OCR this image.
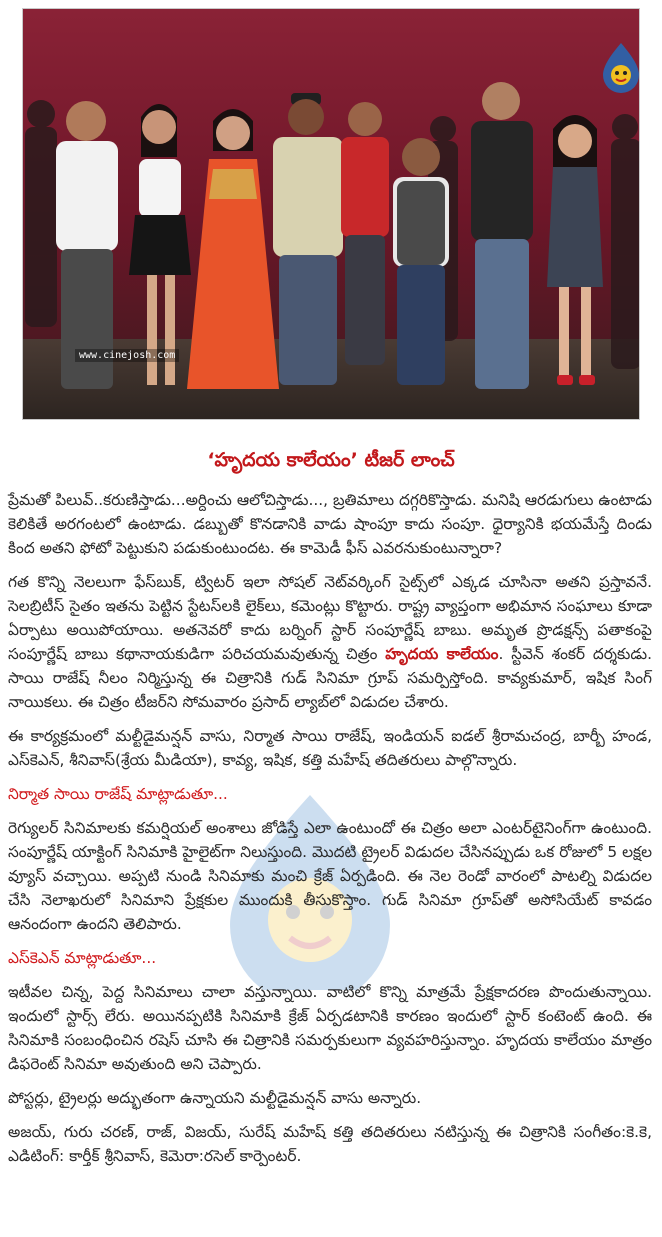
www.cinejosh.com
‘హృదయ కాలేయం’ టీజర్ లాంచ్

ప్రేమతో పిలువ్..కరుణిస్తాడు...అర్దించు ఆలోచిస్తాడు..., బ్రతిమాలు దగ్గరికొస్తాడు. మనిషి ఆరడుగులు ఉంటాడు కెలికితే అరగంటలో ఉంటాడు. డబ్బుతో కొనడానికి వాడు షాంపూ కాదు సంపూ. ధైర్యానికి భయమేస్తే దిండు కింద అతని ఫోటో పెట్టుకుని పడుకుంటుందట. ఈ కామెడీ ఫీస్ ఎవరనుకుంటున్నారా?

గత కొన్ని నెలలుగా ఫేస్‌బుక్, ట్విటర్ ఇలా సోషల్ నెట్‌వర్కింగ్ సైట్స్‌లో ఎక్కడ చూసినా అతని ప్రస్తావనే. సెలబ్రిటీస్ సైతం ఇతను పెట్టిన స్టేటస్‌లకి లైక్‌లు, కమెంట్లు కొట్టారు. రాష్ట్ర వ్యాప్తంగా అభిమాన సంఘాలు కూడా ఏర్పాటు అయిపోయాయి. అతనెవరో కాదు బర్నింగ్ స్టార్ సంపూర్ణేష్ బాబు. అమృత ప్రొడక్షన్స్ పతాకంపై సంపూర్ణేష్ బాబు కథానాయకుడిగా పరిచయమవుతున్న చిత్రం హృదయ కాలేయం. స్టీవెన్ శంకర్ దర్శకుడు. సాయి రాజేష్ నీలం నిర్మిస్తున్న ఈ చిత్రానికి గుడ్ సినిమా గ్రూప్ సమర్పిస్తోంది. కావ్యకుమార్, ఇషిక సింగ్ నాయికలు. ఈ చిత్రం టీజర్‌ని సోమవారం ప్రసాద్ ల్యాబ్‌లో విడుదల చేశారు.

ఈ కార్యక్రమంలో మల్టీడైమన్షన్ వాసు, నిర్మాత సాయి రాజేష్, ఇండియన్ ఐడల్ శ్రీరామచంద్ర, బార్బీ హండ, ఎస్‌కెఎన్, శీనివాస్(శ్రేయ మీడియా), కావ్య, ఇషిక, కత్తి మహేష్ తదితరులు పాల్గొన్నారు.

నిర్మాత సాయి రాజేష్ మాట్లాడుతూ...

రెగ్యులర్ సినిమాలకు కమర్షియల్ అంశాలు జోడిస్తే ఎలా ఉంటుందో ఈ చిత్రం అలా ఎంటర్‌టైనింగ్‌గా ఉంటుంది. సంపూర్ణేష్ యాక్టింగ్ సినిమాకి హైలైట్‌గా నిలుస్తుంది. మొదటి ట్రైలర్ విడుదల చేసినప్పుడు ఒక రోజులో 5 లక్షల వ్యూస్ వచ్చాయి. అప్పటి నుండి సినిమాకు మంచి క్రేజ్ ఏర్పడింది. ఈ నెల రెండో వారంలో పాటల్ని విడుదల చేసి నెలాఖరులో సినిమాని ప్రేక్షకుల ముందుకి తీసుకొస్తాం. గుడ్ సినిమా గ్రూప్‌తో అసోసియేట్ కావడం ఆనందంగా ఉందని తెలిపారు.

ఎస్‌కెఎన్ మాట్లాడుతూ...

ఇటీవల చిన్న, పెద్ద సినిమాలు చాలా వస్తున్నాయి. వాటిలో కొన్ని మాత్రమే ప్రేక్షకాదరణ పొందుతున్నాయి. ఇందులో స్టార్స్ లేరు. అయినప్పటికి సినిమాకి క్రేజ్ ఏర్పడటానికి కారణం ఇందులో స్టార్ కంటెంట్ ఉంది. ఈ సినిమాకి సంబంధించిన రషెస్ చూసి ఈ చిత్రానికి సమర్పకులుగా వ్యవహరిస్తున్నాం. హృదయ కాలేయం మాత్రం డిఫరెంట్ సినిమా అవుతుంది అని చెప్పారు.

పోస్టర్లు, ట్రైలర్లు అద్భుతంగా ఉన్నాయని మల్టీడైమన్షన్ వాసు అన్నారు.

అజయ్, గురు చరణ్, రాజ్, విజయ్, సురేష్ మహేష్ కత్తి తదితరులు నటిస్తున్న ఈ చిత్రానికి సంగీతం:కె.కె, ఎడిటింగ్: కార్తీక్ శ్రీనివాస్, కెమెరా:రసెల్ కార్పెంటర్.
